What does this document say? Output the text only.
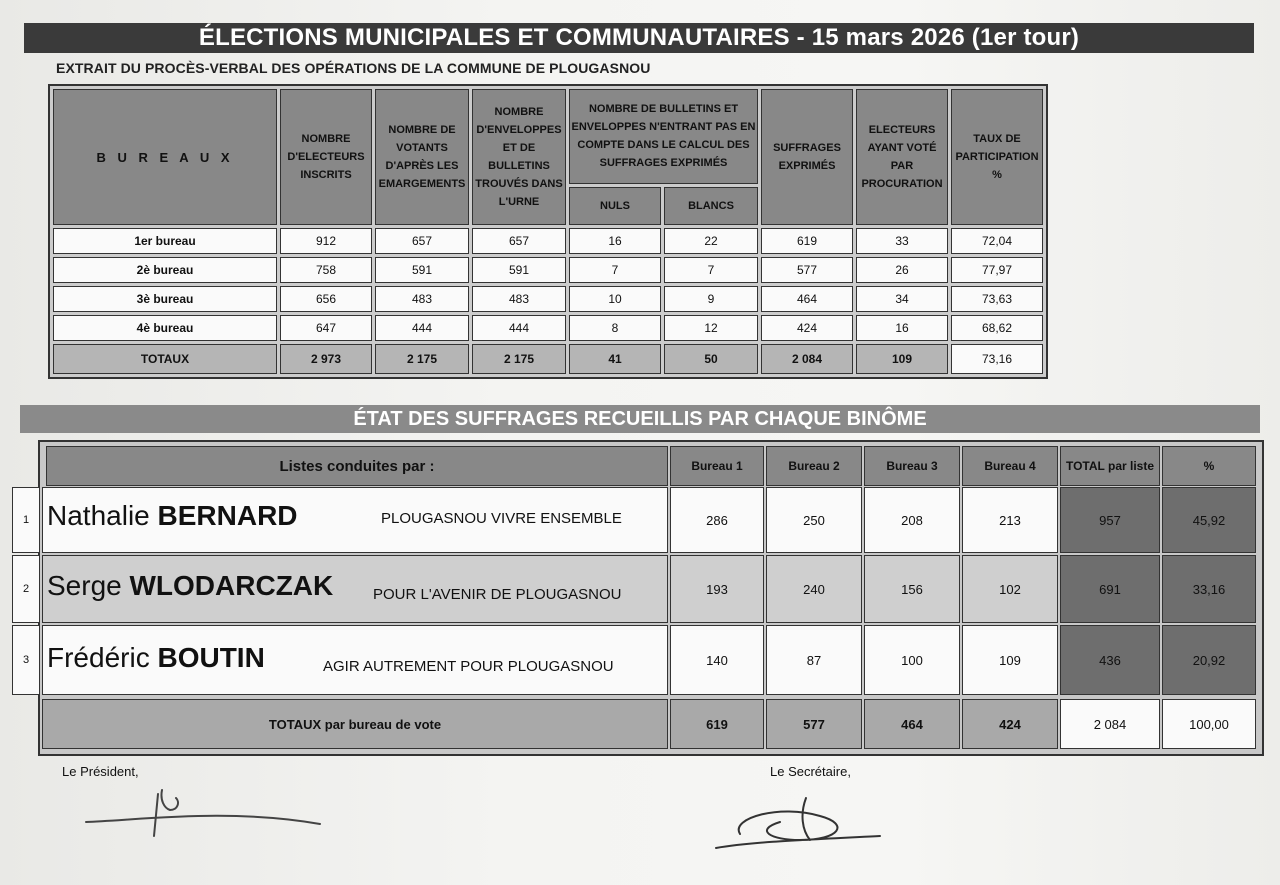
ÉLECTIONS MUNICIPALES ET COMMUNAUTAIRES - 15 mars 2026 (1er tour)
EXTRAIT DU PROCÈS-VERBAL DES OPÉRATIONS DE LA COMMUNE DE PLOUGASNOU
B U R E A U X	NOMBRE D'ELECTEURS INSCRITS	NOMBRE DE VOTANTS D'APRÈS LES EMARGEMENTS	NOMBRE D'ENVELOPPES ET DE BULLETINS TROUVÉS DANS L'URNE	NOMBRE DE BULLETINS ET ENVELOPPES N'ENTRANT PAS EN COMPTE DANS LE CALCUL DES SUFFRAGES EXPRIMÉS		SUFFRAGES EXPRIMÉS	ELECTEURS AYANT VOTÉ PAR PROCURATION	TAUX DE PARTICIPATION %
				NULS	BLANCS			
1er bureau	912	657	657	16	22	619	33	72,04
2è bureau	758	591	591	7	7	577	26	77,97
3è bureau	656	483	483	10	9	464	34	73,63
4è bureau	647	444	444	8	12	424	16	68,62
TOTAUX	2 973	2 175	2 175	41	50	2 084	109	73,16
ÉTAT DES SUFFRAGES RECUEILLIS PAR CHAQUE BINÔME
Listes conduites par :	Bureau 1	Bureau 2	Bureau 3	Bureau 4	TOTAL par liste	%
1 Nathalie BERNARD	PLOUGASNOU VIVRE ENSEMBLE	286	250	208	213	957	45,92
2 Serge WLODARCZAK	POUR L'AVENIR DE PLOUGASNOU	193	240	156	102	691	33,16
3 Frédéric BOUTIN	AGIR AUTREMENT POUR PLOUGASNOU	140	87	100	109	436	20,92
TOTAUX par bureau de vote	619	577	464	424	2 084	100,00
Le Président,	Le Secrétaire,
